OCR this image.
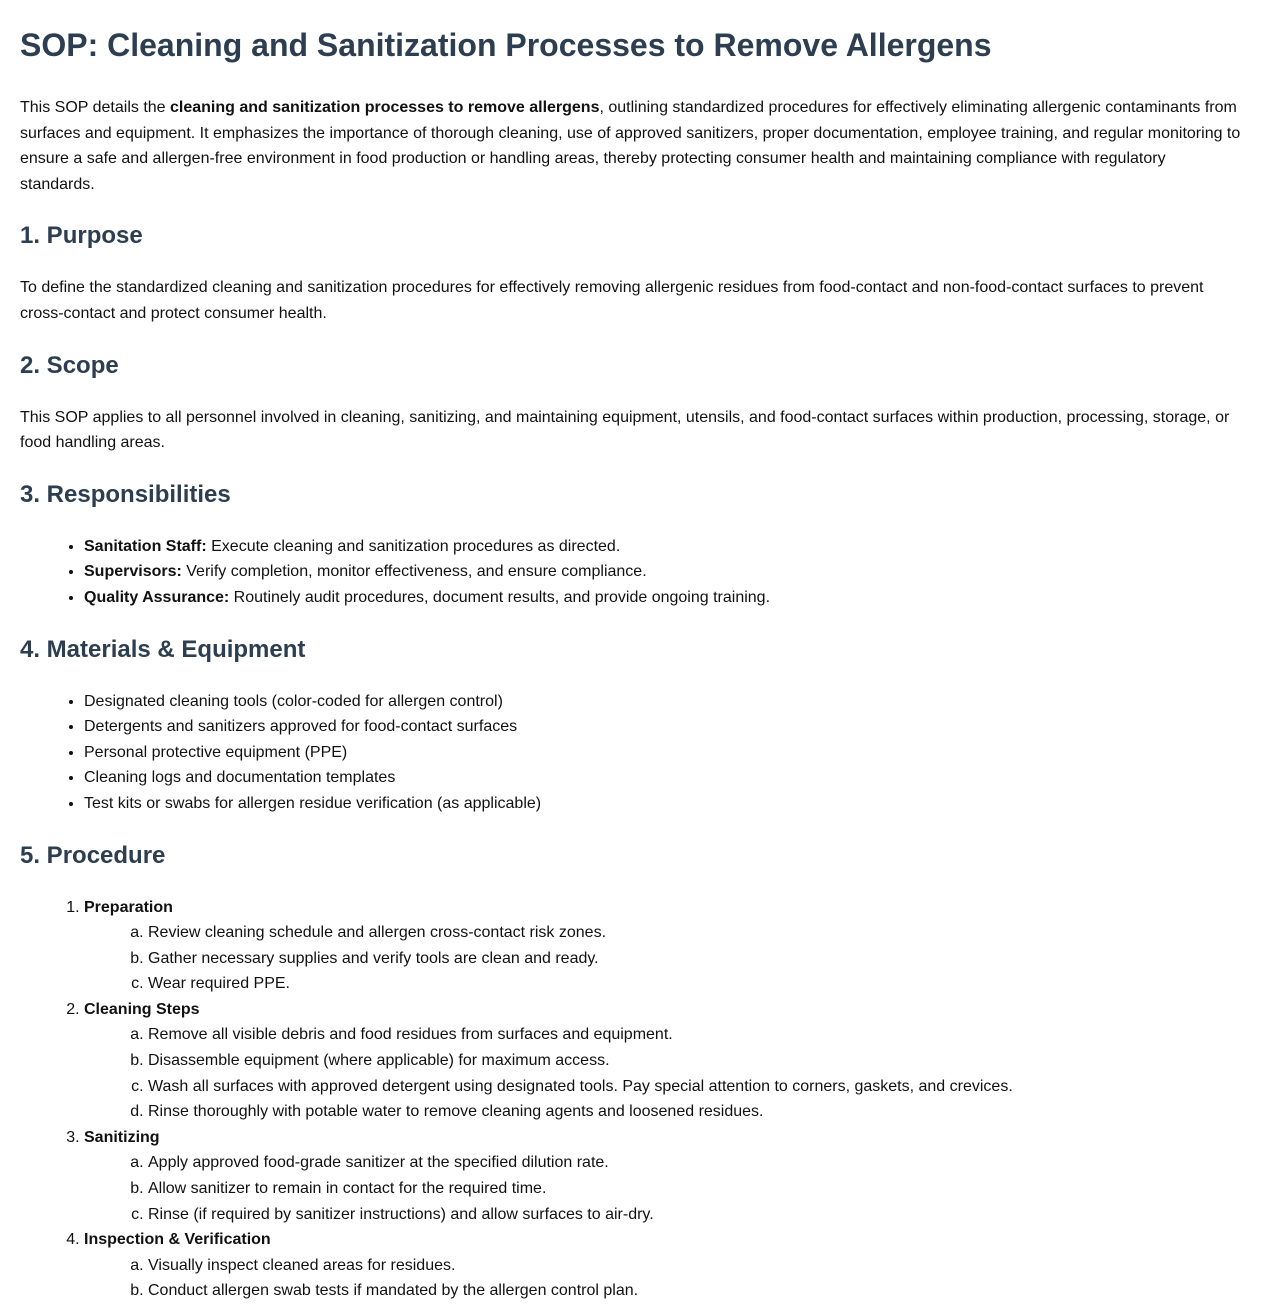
SOP: Cleaning and Sanitization Processes to Remove Allergens

This SOP details the cleaning and sanitization processes to remove allergens, outlining standardized procedures for effectively eliminating allergenic contaminants from surfaces and equipment. It emphasizes the importance of thorough cleaning, use of approved sanitizers, proper documentation, employee training, and regular monitoring to ensure a safe and allergen-free environment in food production or handling areas, thereby protecting consumer health and maintaining compliance with regulatory standards.

1. Purpose

To define the standardized cleaning and sanitization procedures for effectively removing allergenic residues from food-contact and non-food-contact surfaces to prevent cross-contact and protect consumer health.

2. Scope

This SOP applies to all personnel involved in cleaning, sanitizing, and maintaining equipment, utensils, and food-contact surfaces within production, processing, storage, or food handling areas.

3. Responsibilities
• Sanitation Staff: Execute cleaning and sanitization procedures as directed.
• Supervisors: Verify completion, monitor effectiveness, and ensure compliance.
• Quality Assurance: Routinely audit procedures, document results, and provide ongoing training.
4. Materials & Equipment
• Designated cleaning tools (color-coded for allergen control)
• Detergents and sanitizers approved for food-contact surfaces
• Personal protective equipment (PPE)
• Cleaning logs and documentation templates
• Test kits or swabs for allergen residue verification (as applicable)
5. Procedure
1. Preparation
a. Review cleaning schedule and allergen cross-contact risk zones.
b. Gather necessary supplies and verify tools are clean and ready.
c. Wear required PPE.
2. Cleaning Steps
a. Remove all visible debris and food residues from surfaces and equipment.
b. Disassemble equipment (where applicable) for maximum access.
c. Wash all surfaces with approved detergent using designated tools. Pay special attention to corners, gaskets, and crevices.
d. Rinse thoroughly with potable water to remove cleaning agents and loosened residues.
3. Sanitizing
a. Apply approved food-grade sanitizer at the specified dilution rate.
b. Allow sanitizer to remain in contact for the required time.
c. Rinse (if required by sanitizer instructions) and allow surfaces to air-dry.
4. Inspection & Verification
a. Visually inspect cleaned areas for residues.
b. Conduct allergen swab tests if mandated by the allergen control plan.
